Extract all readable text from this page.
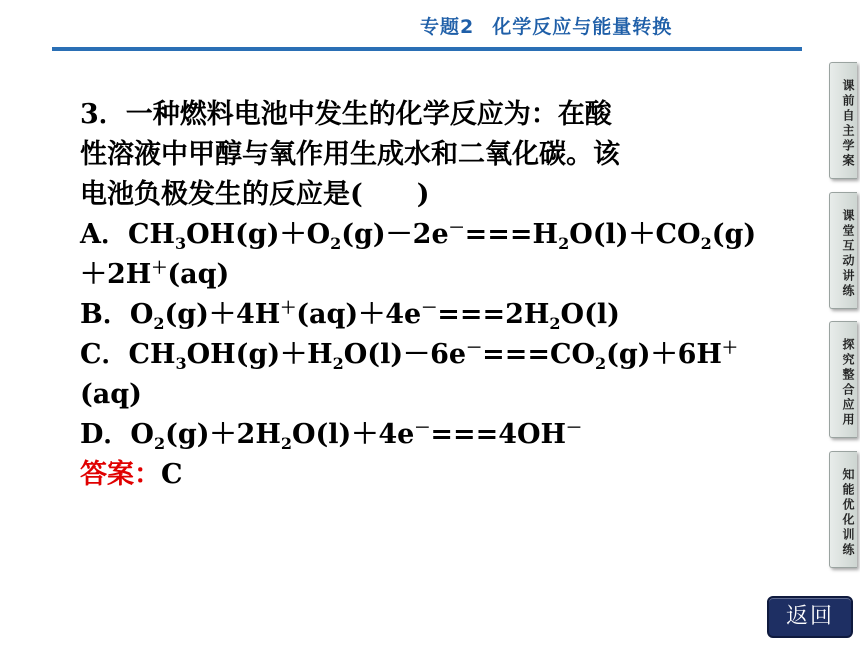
专题2 化学反应与能量转换
3．一种燃料电池中发生的化学反应为：在酸
性溶液中甲醇与氧作用生成水和二氧化碳。该
电池负极发生的反应是(　　)
A．$CH_3OH(g)+O_2(g)-2e^-===H_2O(l)+CO_2(g)$
＋2H＋(aq)
B．$O_2(g)+4H^+(aq)+4e^-===2H_2O(l)$
C．$CH_3OH(g)+H_2O(l)-6e^-===CO_2(g)+6H^+$
(aq)
D．$O_2(g)+2H_2O(l)+4e^-===4OH^-$
答案：C
课前自主学案
课堂互动讲练
探究整合应用
知能优化训练
返回
